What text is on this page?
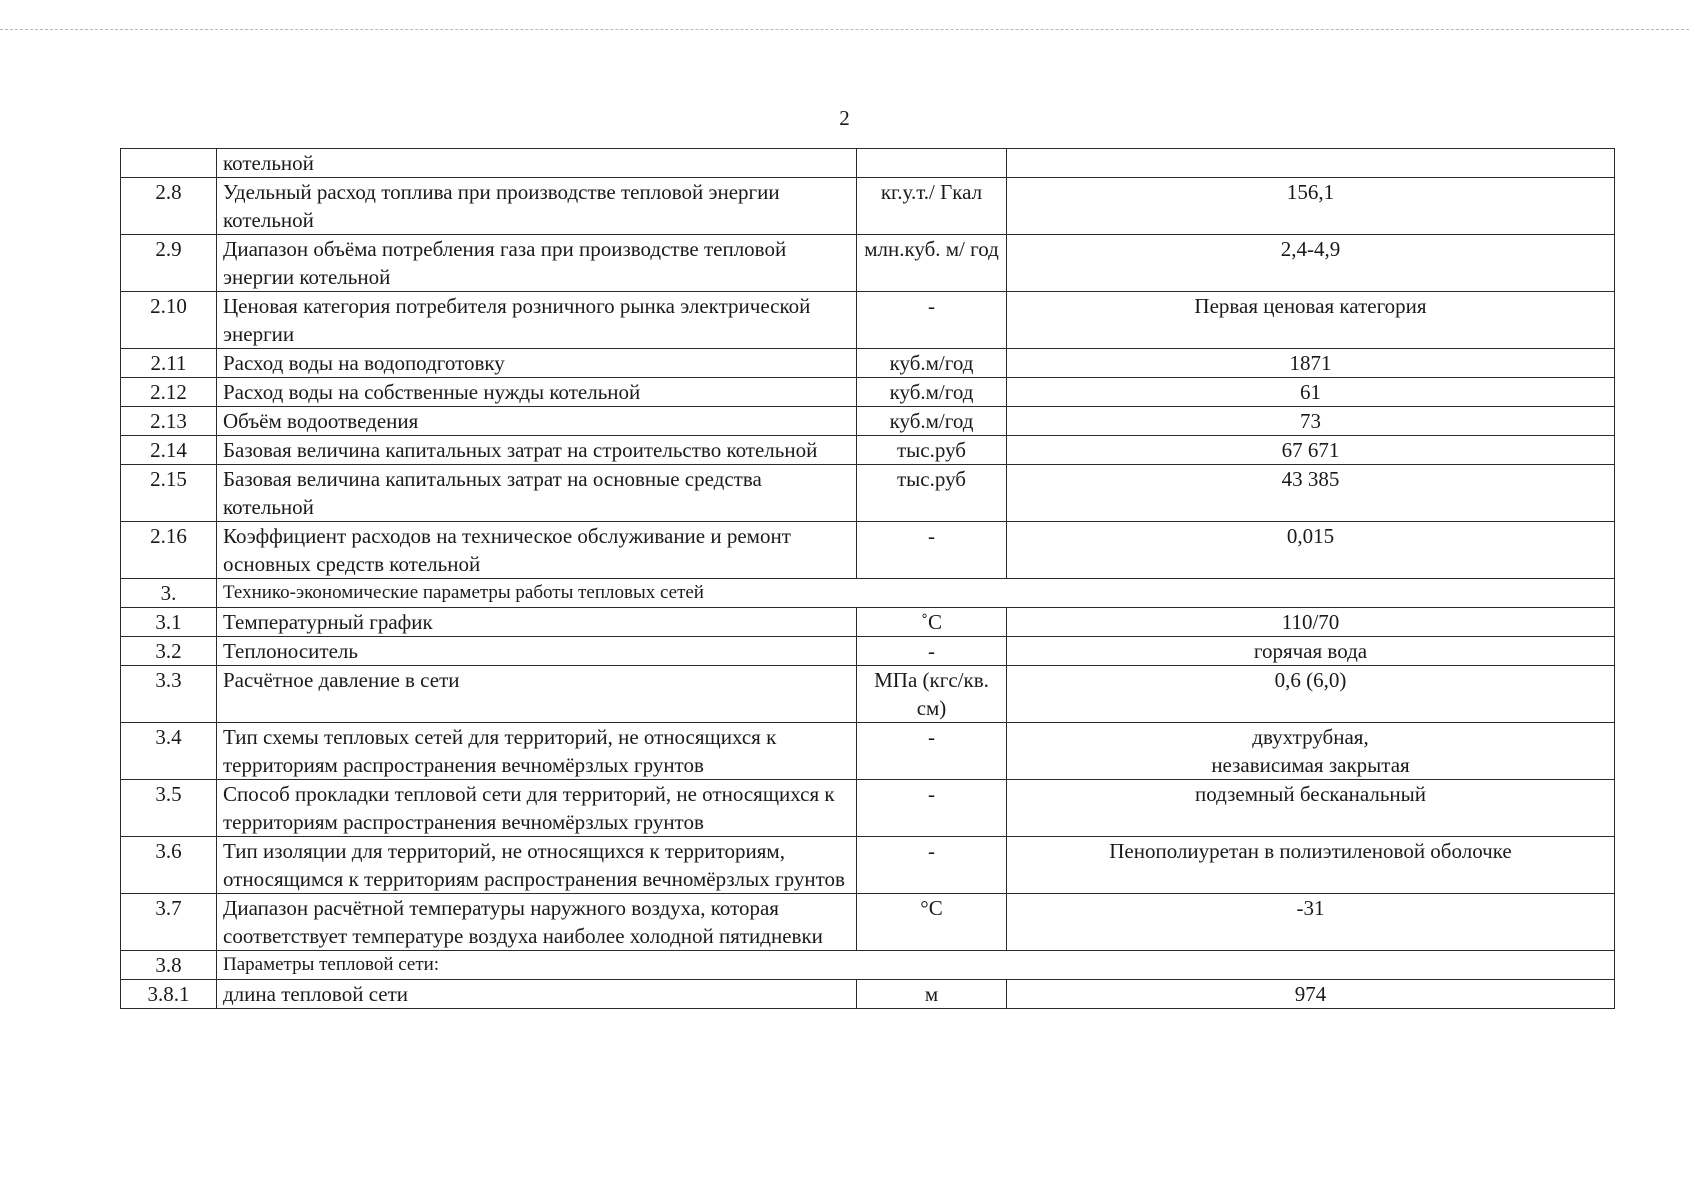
2
	котельной		

2.8	Удельный расход топлива при производстве тепловой энергии котельной	кг.у.т./ Гкал	156,1

2.9	Диапазон объёма потребления газа при производстве тепловой энергии котельной	млн.куб. м/ год	2,4-4,9

2.10	Ценовая категория потребителя розничного рынка электрической энергии	-	Первая ценовая категория

2.11	Расход воды на водоподготовку	куб.м/год	1871

2.12	Расход воды на собственные нужды котельной	куб.м/год	61

2.13	Объём водоотведения	куб.м/год	73

2.14	Базовая величина капитальных затрат на строительство котельной	тыс.руб	67 671

2.15	Базовая величина капитальных затрат на основные средства котельной	тыс.руб	43 385

2.16	Коэффициент расходов на техническое обслуживание и ремонт основных средств котельной	-	0,015

3.	Технико-экономические параметры работы тепловых сетей		
3.1	Температурный график	˚С	110/70

3.2	Теплоноситель	-	горячая вода

3.3	Расчётное давление в сети	МПа (кгс/кв. см)	0,6 (6,0)

3.4	Тип схемы тепловых сетей для территорий, не относящихся к территориям распространения вечномёрзлых грунтов	-	двухтрубная,
независимая закрытая

3.5	Способ прокладки тепловой сети для территорий, не относящихся к территориям распространения вечномёрзлых грунтов	-	подземный бесканальный

3.6	Тип изоляции для территорий, не относящихся к территориям, относящимся к территориям распространения вечномёрзлых грунтов	-	Пенополиуретан в полиэтиленовой оболочке

3.7	Диапазон расчётной температуры наружного воздуха, которая соответствует температуре воздуха наиболее холодной пятидневки	°С	-31

3.8	Параметры тепловой сети:		
3.8.1	длина тепловой сети	м	974
